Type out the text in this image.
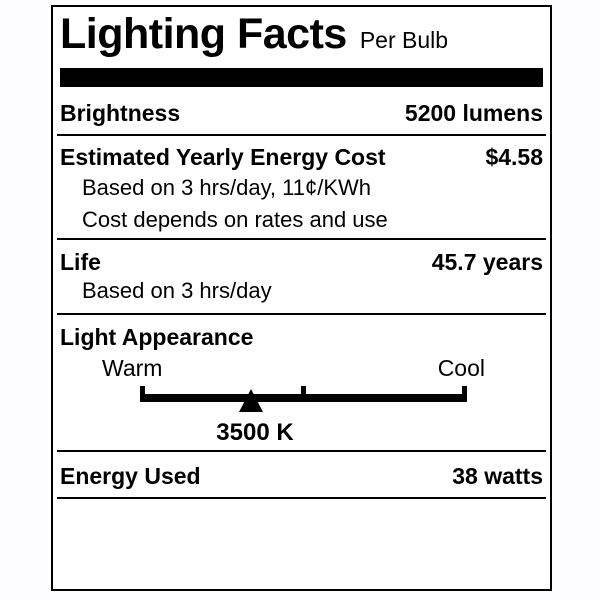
Lighting Facts Per Bulb
Brightness	5200 lumens
Estimated Yearly Energy Cost	$4.58
Based on 3 hrs/day, 11¢/KWh
Cost depends on rates and use
Life	45.7 years
Based on 3 hrs/day
Light Appearance
Warm	Cool
3500 K
Energy Used	38 watts
